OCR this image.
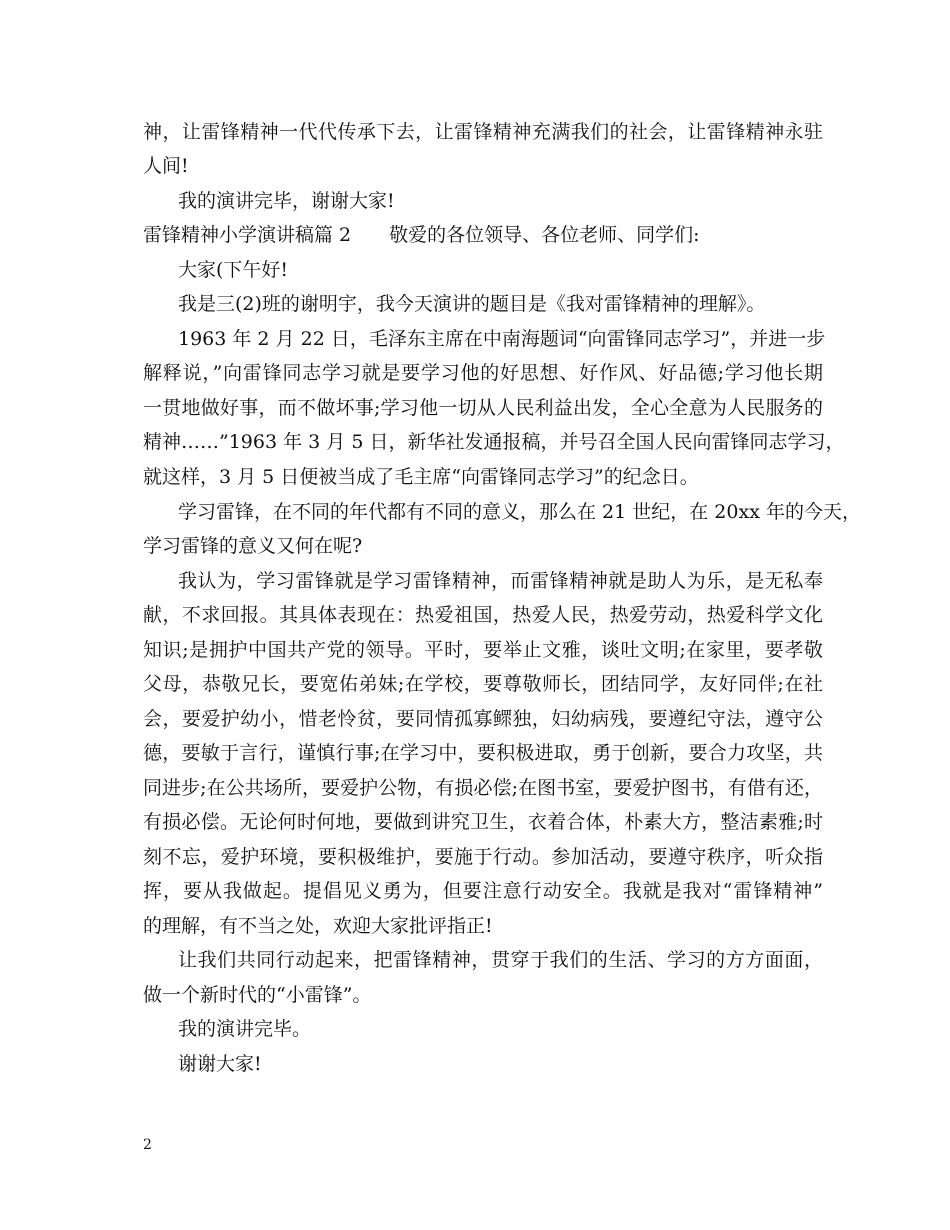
神，让雷锋精神一代代传承下去，让雷锋精神充满我们的社会，让雷锋精神永驻
人间!
我的演讲完毕，谢谢大家!
雷锋精神小学演讲稿篇 2　　敬爱的各位领导、各位老师、同学们:
大家(下午好!
我是三(2)班的谢明宇，我今天演讲的题目是《我对雷锋精神的理解》。
1963 年 2 月 22 日，毛泽东主席在中南海题词“向雷锋同志学习”，并进一步
解释说，”向雷锋同志学习就是要学习他的好思想、好作风、好品德;学习他长期
一贯地做好事，而不做坏事;学习他一切从人民利益出发，全心全意为人民服务的
精神……”1963 年 3 月 5 日，新华社发通报稿，并号召全国人民向雷锋同志学习，
就这样，3 月 5 日便被当成了毛主席“向雷锋同志学习”的纪念日。
学习雷锋，在不同的年代都有不同的意义，那么在 21 世纪，在 20xx 年的今天，
学习雷锋的意义又何在呢?
我认为，学习雷锋就是学习雷锋精神，而雷锋精神就是助人为乐，是无私奉
献，不求回报。其具体表现在：热爱祖国，热爱人民，热爱劳动，热爱科学文化
知识;是拥护中国共产党的领导。平时，要举止文雅，谈吐文明;在家里，要孝敬
父母，恭敬兄长，要宽佑弟妹;在学校，要尊敬师长，团结同学，友好同伴;在社
会，要爱护幼小，惜老怜贫，要同情孤寡鳏独，妇幼病残，要遵纪守法，遵守公
德，要敏于言行，谨慎行事;在学习中，要积极进取，勇于创新，要合力攻坚，共
同进步;在公共场所，要爱护公物，有损必偿;在图书室，要爱护图书，有借有还，
有损必偿。无论何时何地，要做到讲究卫生，衣着合体，朴素大方，整洁素雅;时
刻不忘，爱护环境，要积极维护，要施于行动。参加活动，要遵守秩序，听众指
挥，要从我做起。提倡见义勇为，但要注意行动安全。我就是我对“雷锋精神”
的理解，有不当之处，欢迎大家批评指正!
让我们共同行动起来，把雷锋精神，贯穿于我们的生活、学习的方方面面，
做一个新时代的“小雷锋”。
我的演讲完毕。
谢谢大家!
2
